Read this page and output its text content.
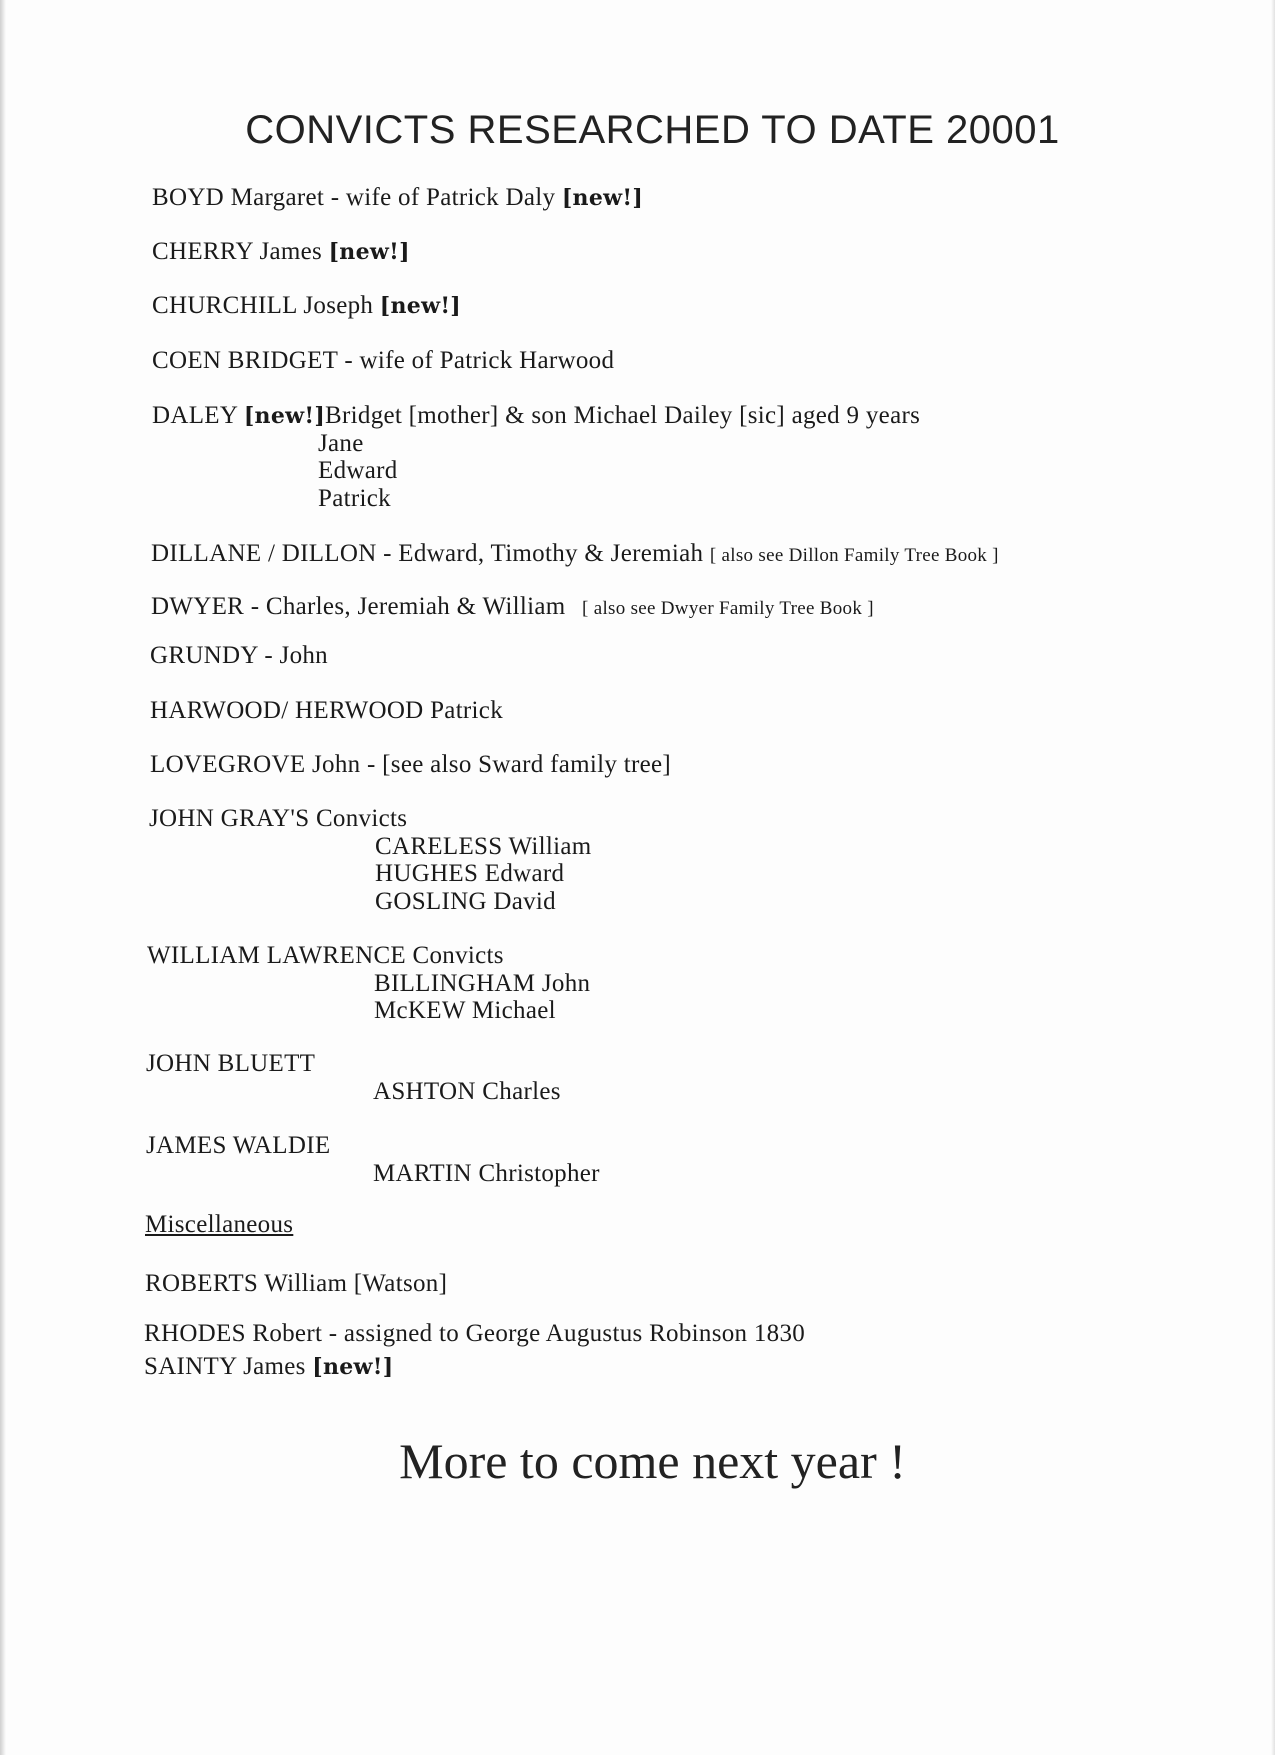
CONVICTS RESEARCHED TO DATE 20001
BOYD Margaret - wife of Patrick Daly [new!]
CHERRY James [new!]
CHURCHILL Joseph [new!]
COEN BRIDGET - wife of Patrick Harwood
DALEY [new!]Bridget [mother] & son Michael Dailey [sic] aged 9 years
Jane
Edward
Patrick
DILLANE / DILLON - Edward, Timothy & Jeremiah [ also see Dillon Family Tree Book ]
DWYER - Charles, Jeremiah & William [ also see Dwyer Family Tree Book ]
GRUNDY - John
HARWOOD/ HERWOOD Patrick
LOVEGROVE John - [see also Sward family tree]
JOHN GRAY'S Convicts
CARELESS William
HUGHES Edward
GOSLING David
WILLIAM LAWRENCE Convicts
BILLINGHAM John
McKEW Michael
JOHN BLUETT
ASHTON Charles
JAMES WALDIE
MARTIN Christopher
Miscellaneous
ROBERTS William [Watson]
RHODES Robert - assigned to George Augustus Robinson 1830
SAINTY James [new!]
More to come next year !
